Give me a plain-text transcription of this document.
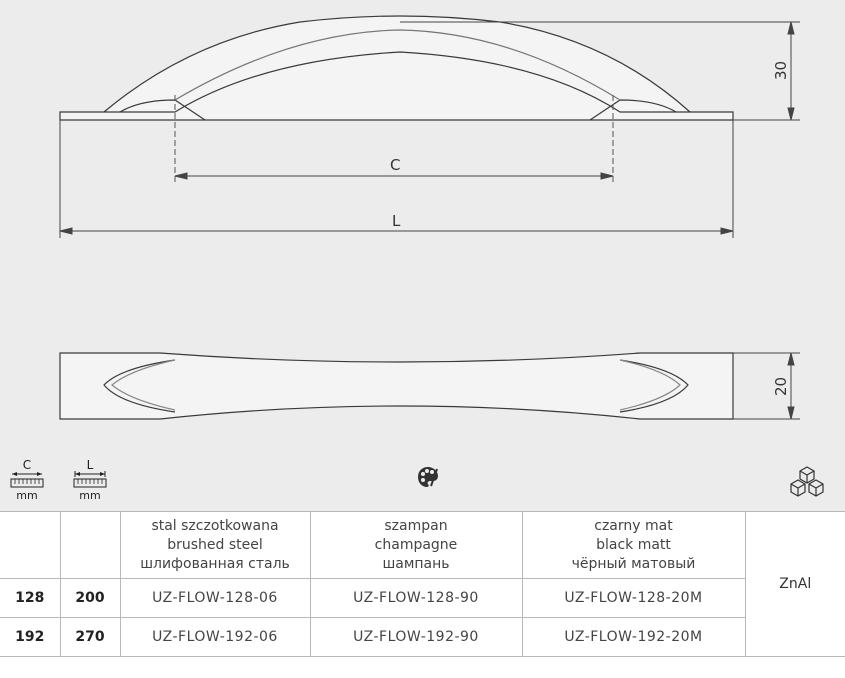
C
L
30
20
C
mm
L
mm

		stal szczotkowana
brushed steel
шлифованная сталь	szampan
champagne
шампань	czarny mat
black matt
чёрный матовый	ZnAl
128	200	UZ-FLOW-128-06	UZ-FLOW-128-90	UZ-FLOW-128-20M	
192	270	UZ-FLOW-192-06	UZ-FLOW-192-90	UZ-FLOW-192-20M	
